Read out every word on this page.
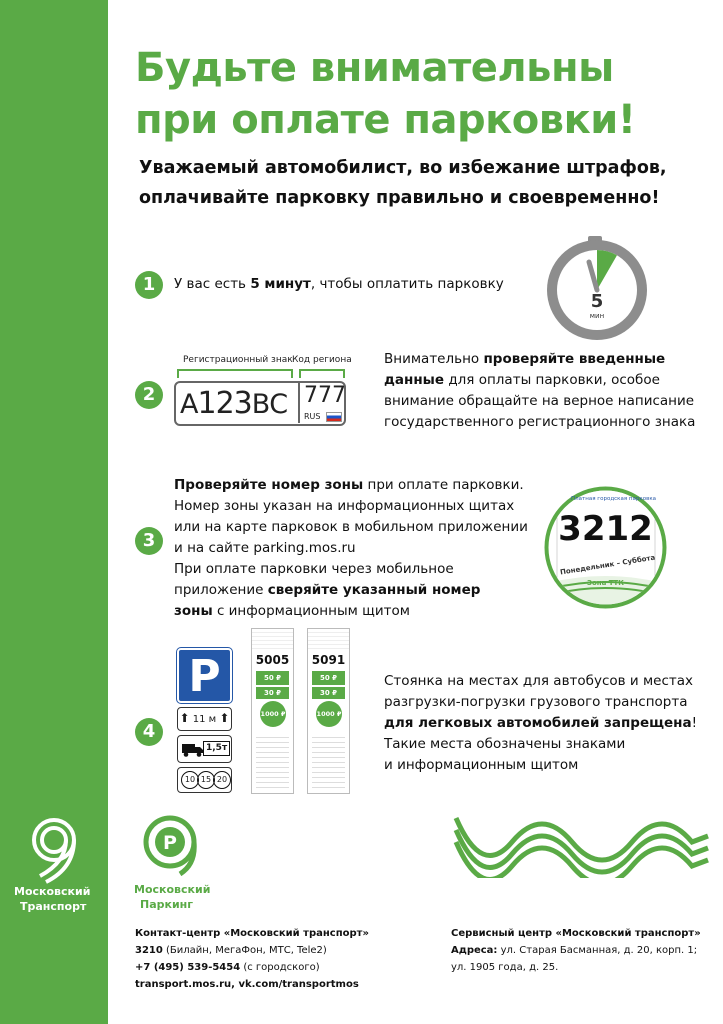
Будьте внимательны
при оплате парковки!

Уважаемый автомобилист, во избежание штрафов,
оплачивайте парковку правильно и своевременно!

1	У вас есть 5 минут, чтобы оплатить парковку
5
мин
Регистрационный знак Код региона
2 А123ВС 777
RUS
Внимательно проверяйте введенные
данные для оплаты парковки, особое
внимание обращайте на верное написание
государственного регистрационного знака
3
Проверяйте номер зоны при оплате парковки.
Номер зоны указан на информационных щитах
или на карте парковок в мобильном приложении
и на сайте parking.mos.ru
При оплате парковки через мобильное
приложение сверяйте указанный номер
зоны с информационным щитом
Платная городская парковка
3212
Понедельник – Суббота
Зона ТТК
4
P
⬆ 11 м ⬆
1,5т
10 15 20
5005
50 ₽
30 ₽
1000 ₽
5091
50 ₽
30 ₽
1000 ₽
Стоянка на местах для автобусов и местах
разгрузки-погрузки грузового транспорта
для легковых автомобилей запрещена!
Такие места обозначены знаками
и информационным щитом
Московский
Транспорт
P
Московский
Паркинг
Контакт-центр «Московский транспорт»
3210 (Билайн, МегаФон, МТС, Tele2)
+7 (495) 539-5454 (с городского)
transport.mos.ru, vk.com/transportmos
Сервисный центр «Московский транспорт»
Адреса: ул. Старая Басманная, д. 20, корп. 1;
ул. 1905 года, д. 25.
